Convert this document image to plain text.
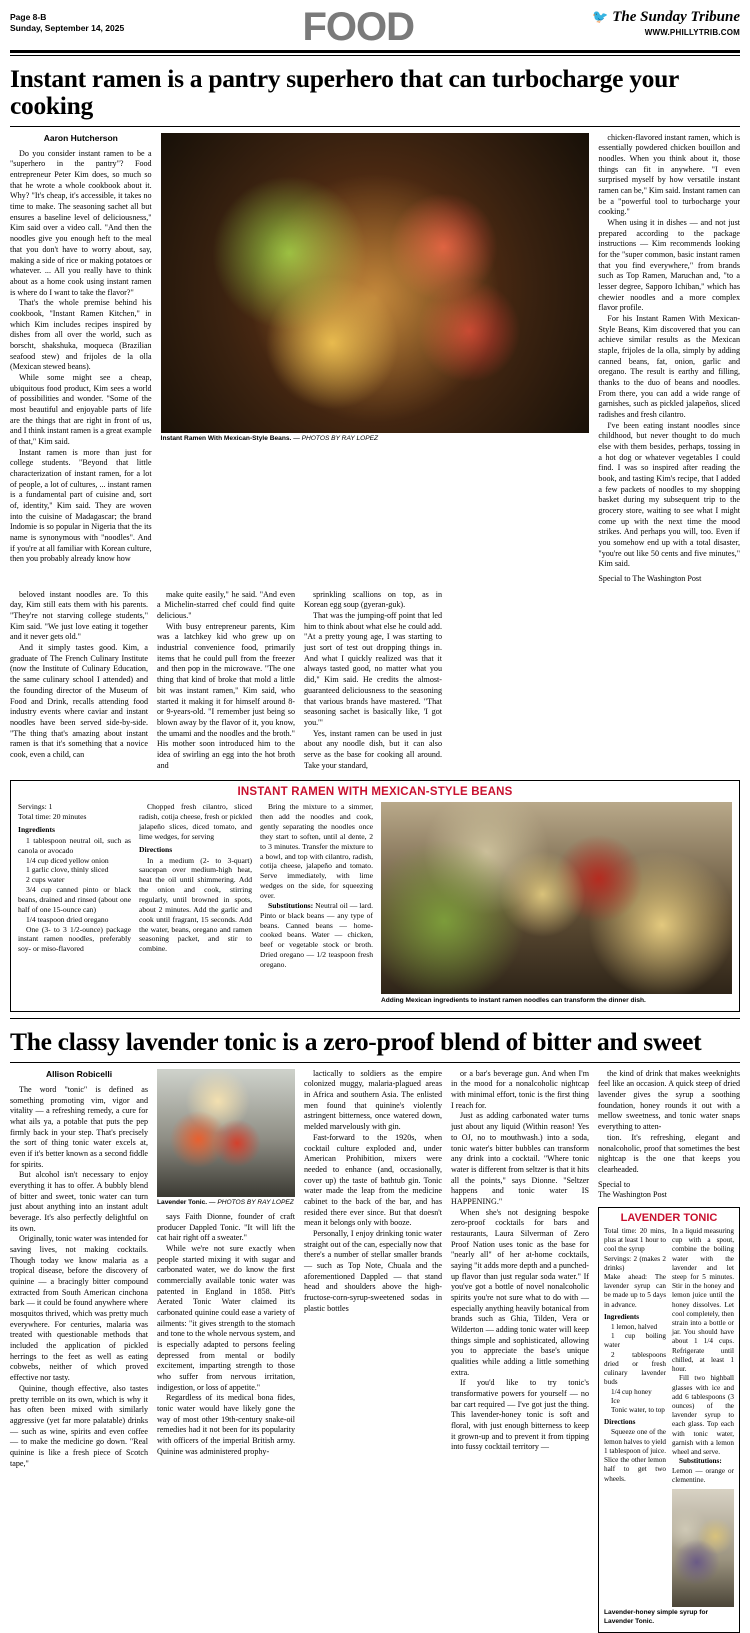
Page 8-B
Sunday, September 14, 2025	FOOD	🐦 The Sunday Tribune
WWW.PHILLYTRIB.COM
Instant ramen is a pantry superhero that can turbocharge your cooking
Aaron Hutcherson

Do you consider instant ramen to be a "superhero in the pantry"? Food entrepreneur Peter Kim does, so much so that he wrote a whole cookbook about it. Why? "It's cheap, it's accessible, it takes no time to make. The seasoning sachet all but ensures a baseline level of deliciousness," Kim said over a video call. "And then the noodles give you enough heft to the meal that you don't have to worry about, say, making a side of rice or making potatoes or whatever. ... All you really have to think about as a home cook using instant ramen is where do I want to take the flavor?"

That's the whole premise behind his cookbook, "Instant Ramen Kitchen," in which Kim includes recipes inspired by dishes from all over the world, such as borscht, shakshuka, moqueca (Brazilian seafood stew) and frijoles de la olla (Mexican stewed beans).

While some might see a cheap, ubiquitous food product, Kim sees a world of possibilities and wonder. "Some of the most beautiful and enjoyable parts of life are the things that are right in front of us, and I think instant ramen is a great example of that," Kim said.

Instant ramen is more than just for college students. "Beyond that little characterization of instant ramen, for a lot of people, a lot of cultures, ... instant ramen is a fundamental part of cuisine and, sort of, identity," Kim said. They are woven into the cuisine of Madagascar; the brand Indomie is so popular in Nigeria that the its name is synonymous with "noodles". And if you're at all familiar with Korean culture, then you probably already know how

Instant Ramen With Mexican-Style Beans. — PHOTOS BY RAY LOPEZ

chicken-flavored instant ramen, which is essentially powdered chicken bouillon and noodles. When you think about it, those things can fit in anywhere. "I even surprised myself by how versatile instant ramen can be," Kim said. Instant ramen can be a "powerful tool to turbocharge your cooking."

When using it in dishes — and not just prepared according to the package instructions — Kim recommends looking for the "super common, basic instant ramen that you find everywhere," from brands such as Top Ramen, Maruchan and, "to a lesser degree, Sapporo Ichiban," which has chewier noodles and a more complex flavor profile.

For his Instant Ramen With Mexican-Style Beans, Kim discovered that you can achieve similar results as the Mexican staple, frijoles de la olla, simply by adding canned beans, fat, onion, garlic and oregano. The result is earthy and filling, thanks to the duo of beans and noodles. From there, you can add a wide range of garnishes, such as pickled jalapeños, sliced radishes and fresh cilantro.

I've been eating instant noodles since childhood, but never thought to do much else with them besides, perhaps, tossing in a hot dog or whatever vegetables I could find. I was so inspired after reading the book, and tasting Kim's recipe, that I added a few packets of noodles to my shopping basket during my subsequent trip to the grocery store, waiting to see what I might come up with the next time the mood strikes. And perhaps you will, too. Even if you somehow end up with a total disaster, "you're out like 50 cents and five minutes," Kim said.

Special to The Washington Post

beloved instant noodles are. To this day, Kim still eats them with his parents. "They're not starving college students," Kim said. "We just love eating it together and it never gets old."

And it simply tastes good. Kim, a graduate of The French Culinary Institute (now the Institute of Culinary Education, the same culinary school I attended) and the founding director of the Museum of Food and Drink, recalls attending food industry events where caviar and instant noodles have been served side-by-side. "The thing that's amazing about instant ramen is that it's something that a novice cook, even a child, can

make quite easily," he said. "And even a Michelin-starred chef could find quite delicious."

With busy entrepreneur parents, Kim was a latchkey kid who grew up on industrial convenience food, primarily items that he could pull from the freezer and then pop in the microwave. "The one thing that kind of broke that mold a little bit was instant ramen," Kim said, who started it making it for himself around 8- or 9-years-old. "I remember just being so blown away by the flavor of it, you know, the umami and the noodles and the broth." His mother soon introduced him to the idea of swirling an egg into the hot broth and

sprinkling scallions on top, as in Korean egg soup (gyeran-guk).

That was the jumping-off point that led him to think about what else he could add. "At a pretty young age, I was starting to just sort of test out dropping things in. And what I quickly realized was that it always tasted good, no matter what you did," Kim said. He credits the almost-guaranteed deliciousness to the seasoning that various brands have mastered. "That seasoning sachet is basically like, 'I got you.'"

Yes, instant ramen can be used in just about any noodle dish, but it can also serve as the base for cooking all around. Take your standard,

INSTANT RAMEN WITH MEXICAN-STYLE BEANS

Servings: 1

Total time: 20 minutes

Ingredients

1 tablespoon neutral oil, such as canola or avocado

1/4 cup diced yellow onion

1 garlic clove, thinly sliced

2 cups water

3/4 cup canned pinto or black beans, drained and rinsed (about one half of one 15-ounce can)

1/4 teaspoon dried oregano

One (3- to 3 1/2-ounce) package instant ramen noodles, preferably soy- or miso-flavored

Chopped fresh cilantro, sliced radish, cotija cheese, fresh or pickled jalapeño slices, diced tomato, and lime wedges, for serving

Directions

In a medium (2- to 3-quart) saucepan over medium-high heat, heat the oil until shimmering. Add the onion and cook, stirring regularly, until browned in spots, about 2 minutes. Add the garlic and cook until fragrant, 15 seconds. Add the water, beans, oregano and ramen seasoning packet, and stir to combine.

Bring the mixture to a simmer, then add the noodles and cook, gently separating the noodles once they start to soften, until al dente, 2 to 3 minutes. Transfer the mixture to a bowl, and top with cilantro, radish, cotija cheese, jalapeño and tomato. Serve immediately, with lime wedges on the side, for squeezing over.

Substitutions: Neutral oil — lard. Pinto or black beans — any type of beans. Canned beans — home-cooked beans. Water — chicken, beef or vegetable stock or broth. Dried oregano — 1/2 teaspoon fresh oregano.

Adding Mexican ingredients to instant ramen noodles can transform the dinner dish.
The classy lavender tonic is a zero-proof blend of bitter and sweet
Allison Robicelli

The word "tonic" is defined as something promoting vim, vigor and vitality — a refreshing remedy, a cure for what ails ya, a potable that puts the pep firmly back in your step. That's precisely the sort of thing tonic water excels at, even if it's better known as a second fiddle for spirits.

But alcohol isn't necessary to enjoy everything it has to offer. A bubbly blend of bitter and sweet, tonic water can turn just about anything into an instant adult beverage. It's also perfectly delightful on its own.

Originally, tonic water was intended for saving lives, not making cocktails. Though today we know malaria as a tropical disease, before the discovery of quinine — a bracingly bitter compound extracted from South American cinchona bark — it could be found anywhere where mosquitos thrived, which was pretty much everywhere. For centuries, malaria was treated with questionable methods that included the application of pickled herrings to the feet as well as eating cobwebs, neither of which proved effective nor tasty.

Quinine, though effective, also tastes pretty terrible on its own, which is why it has often been mixed with similarly aggressive (yet far more palatable) drinks — such as wine, spirits and even coffee — to make the medicine go down. "Real quinine is like a fresh piece of Scotch tape,"

Lavender Tonic. — PHOTOS BY RAY LOPEZ

says Faith Dionne, founder of craft producer Dappled Tonic. "It will lift the cat hair right off a sweater."

While we're not sure exactly when people started mixing it with sugar and carbonated water, we do know the first commercially available tonic water was patented in England in 1858. Pitt's Aerated Tonic Water claimed its carbonated quinine could ease a variety of ailments: "it gives strength to the stomach and tone to the whole nervous system, and is especially adapted to persons feeling depressed from mental or bodily excitement, imparting strength to those who suffer from nervous irritation, indigestion, or loss of appetite."

Regardless of its medical bona fides, tonic water would have likely gone the way of most other 19th-century snake-oil remedies had it not been for its popularity with officers of the imperial British army. Quinine was administered prophy-

lactically to soldiers as the empire colonized muggy, malaria-plagued areas in Africa and southern Asia. The enlisted men found that quinine's violently astringent bitterness, once watered down, melded marvelously with gin.

Fast-forward to the 1920s, when cocktail culture exploded and, under American Prohibition, mixers were needed to enhance (and, occasionally, cover up) the taste of bathtub gin. Tonic water made the leap from the medicine cabinet to the back of the bar, and has resided there ever since. But that doesn't mean it belongs only with booze.

Personally, I enjoy drinking tonic water straight out of the can, especially now that there's a number of stellar smaller brands — such as Top Note, Chuala and the aforementioned Dappled — that stand head and shoulders above the high-fructose-corn-syrup-sweetened sodas in plastic bottles

or a bar's beverage gun. And when I'm in the mood for a nonalcoholic nightcap with minimal effort, tonic is the first thing I reach for.

Just as adding carbonated water turns just about any liquid (Within reason! Yes to OJ, no to mouthwash.) into a soda, tonic water's bitter bubbles can transform any drink into a cocktail. "Where tonic water is different from seltzer is that it hits all the points," says Dionne. "Seltzer happens and tonic water IS HAPPENING."

When she's not designing bespoke zero-proof cocktails for bars and restaurants, Laura Silverman of Zero Proof Nation uses tonic as the base for "nearly all" of her at-home cocktails, saying "it adds more depth and a punched-up flavor than just regular soda water." If you've got a bottle of novel nonalcoholic spirits you're not sure what to do with — especially anything heavily botanical from brands such as Ghia, Tilden, Vera or Wilderton — adding tonic water will keep things simple and sophisticated, allowing you to appreciate the base's unique qualities while adding a little something extra.

If you'd like to try tonic's transformative powers for yourself — no bar cart required — I've got just the thing. This lavender-honey tonic is soft and floral, with just enough bitterness to keep it grown-up and to prevent it from tipping into fussy cocktail territory —

the kind of drink that makes weeknights feel like an occasion. A quick steep of dried lavender gives the syrup a soothing foundation, honey rounds it out with a mellow sweetness, and tonic water snaps everything to atten-

tion. It's refreshing, elegant and nonalcoholic, proof that sometimes the best nightcap is the one that keeps you clearheaded.

Special to

The Washington Post

LAVENDER TONIC

Total time: 20 mins, plus at least 1 hour to cool the syrup

Servings: 2 (makes 2 drinks)

Make ahead: The lavender syrup can be made up to 5 days in advance.

Ingredients

1 lemon, halved

1 cup boiling water

2 tablespoons dried or fresh culinary lavender buds

1/4 cup honey

Ice

Tonic water, to top

Directions

Squeeze one of the lemon halves to yield 1 tablespoon of juice. Slice the other lemon half to get two wheels.

In a liquid measuring cup with a spout, combine the boiling water with the lavender and let steep for 5 minutes. Stir in the honey and lemon juice until the honey dissolves. Let cool completely, then strain into a bottle or jar. You should have about 1 1/4 cups. Refrigerate until chilled, at least 1 hour.

Fill two highball glasses with ice and add 6 tablespoons (3 ounces) of the lavender syrup to each glass. Top each with tonic water, garnish with a lemon wheel and serve.

Substitutions: Lemon — orange or clementine.

Lavender-honey simple syrup for Lavender Tonic.
